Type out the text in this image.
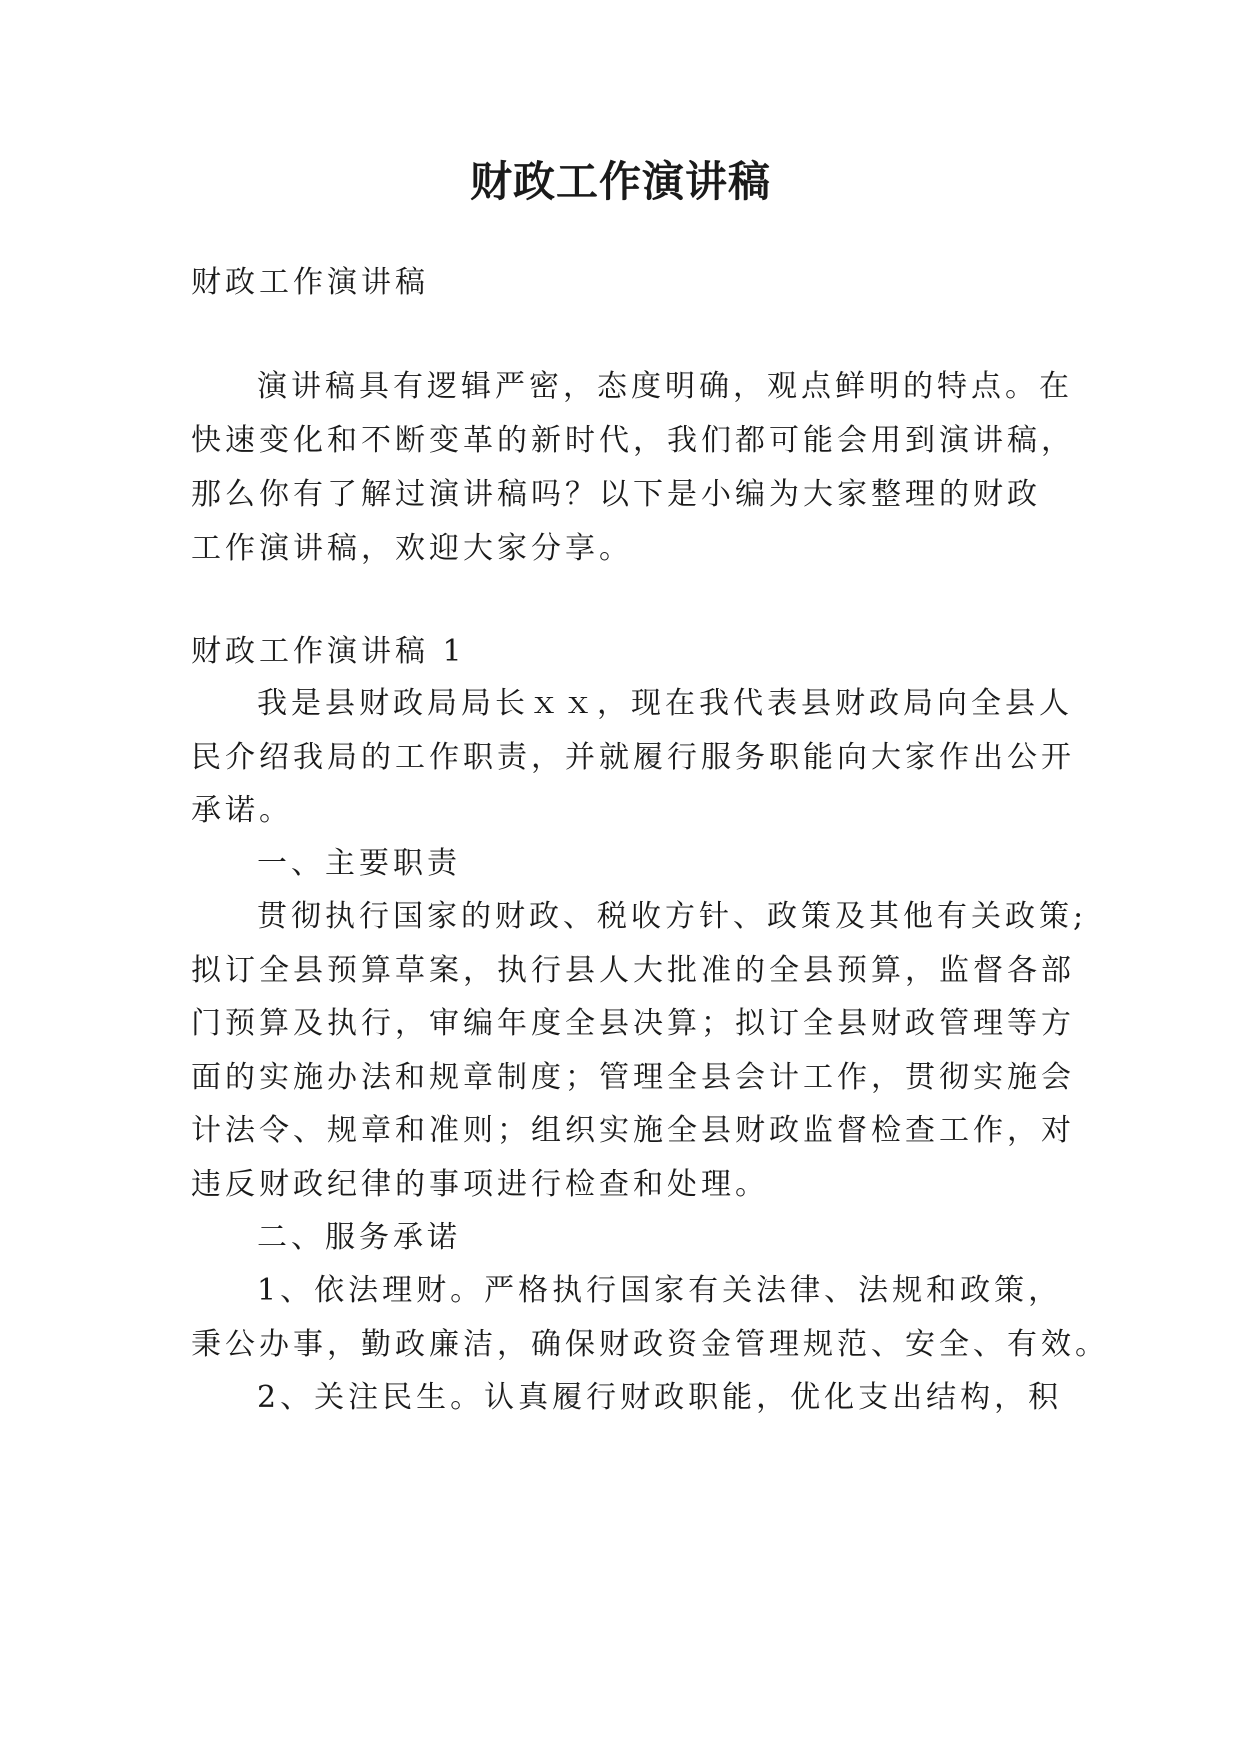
财政工作演讲稿
财政工作演讲稿
演讲稿具有逻辑严密，态度明确，观点鲜明的特点。在
快速变化和不断变革的新时代，我们都可能会用到演讲稿，
那么你有了解过演讲稿吗？以下是小编为大家整理的财政
工作演讲稿，欢迎大家分享。
财政工作演讲稿 1
我是县财政局局长ｘｘ，现在我代表县财政局向全县人
民介绍我局的工作职责，并就履行服务职能向大家作出公开
承诺。
一、主要职责
贯彻执行国家的财政、税收方针、政策及其他有关政策;
拟订全县预算草案，执行县人大批准的全县预算，监督各部
门预算及执行，审编年度全县决算；拟订全县财政管理等方
面的实施办法和规章制度；管理全县会计工作，贯彻实施会
计法令、规章和准则；组织实施全县财政监督检查工作，对
违反财政纪律的事项进行检查和处理。
二、服务承诺
1、依法理财。严格执行国家有关法律、法规和政策，
秉公办事，勤政廉洁，确保财政资金管理规范、安全、有效。
2、关注民生。认真履行财政职能，优化支出结构，积
